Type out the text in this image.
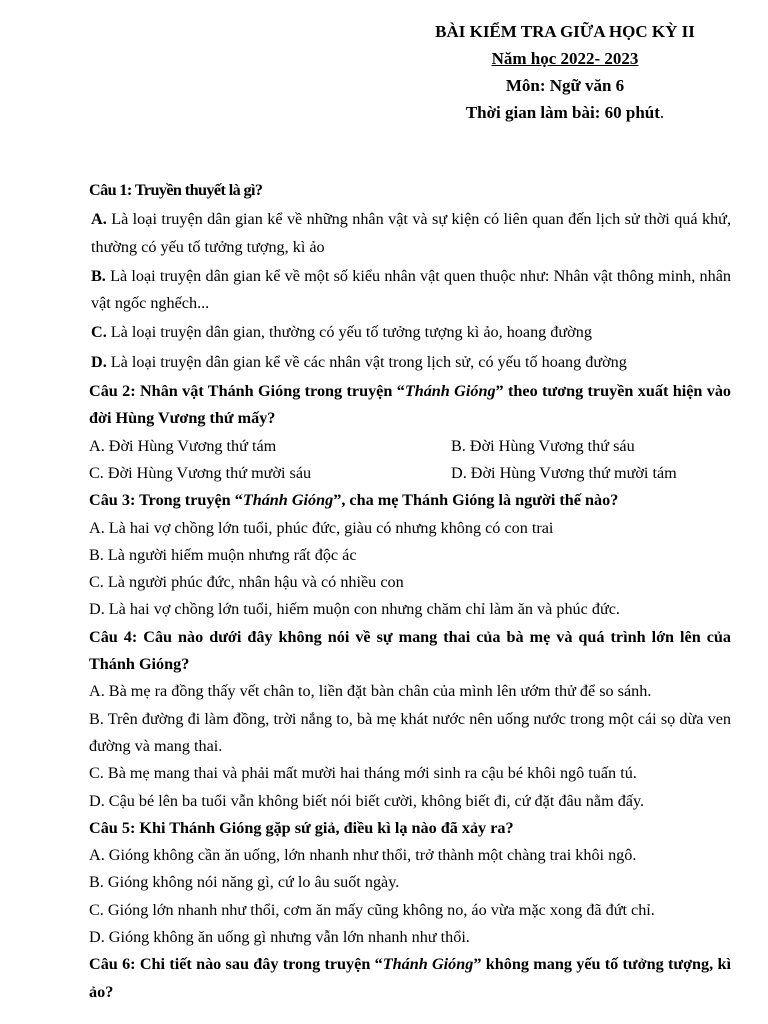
BÀI KIỂM TRA GIỮA HỌC KỲ II
Năm học 2022- 2023
Môn: Ngữ văn 6
Thời gian làm bài: 60 phút.
Câu 1: Truyền thuyết là gì?
A. Là loại truyện dân gian kể về những nhân vật và sự kiện có liên quan đến lịch sử thời quá khứ, thường có yếu tố tưởng tượng, kì ảo
B. Là loại truyện dân gian kể về một số kiểu nhân vật quen thuộc như: Nhân vật thông minh, nhân vật ngốc nghếch...
C. Là loại truyện dân gian, thường có yếu tố tưởng tượng kì ảo, hoang đường
D. Là loại truyện dân gian kể về các nhân vật trong lịch sử, có yếu tố hoang đường
Câu 2: Nhân vật Thánh Gióng trong truyện “Thánh Gióng” theo tương truyền xuất hiện vào đời Hùng Vương thứ mấy?
A. Đời Hùng Vương thứ tám	B. Đời Hùng Vương thứ sáu
C. Đời Hùng Vương thứ mười sáu	D. Đời Hùng Vương thứ mười tám
Câu 3: Trong truyện “Thánh Gióng”, cha mẹ Thánh Gióng là người thế nào?
A. Là hai vợ chồng lớn tuổi, phúc đức, giàu có nhưng không có con trai
B. Là người hiếm muộn nhưng rất độc ác
C. Là người phúc đức, nhân hậu và có nhiều con
D. Là hai vợ chồng lớn tuổi, hiếm muộn con nhưng chăm chỉ làm ăn và phúc đức.
Câu 4: Câu nào dưới đây không nói về sự mang thai của bà mẹ và quá trình lớn lên của Thánh Gióng?
A. Bà mẹ ra đồng thấy vết chân to, liền đặt bàn chân của mình lên ướm thử để so sánh.
B. Trên đường đi làm đồng, trời nắng to, bà mẹ khát nước nên uống nước trong một cái sọ dừa ven đường và mang thai.
C. Bà mẹ mang thai và phải mất mười hai tháng mới sinh ra cậu bé khôi ngô tuấn tú.
D. Cậu bé lên ba tuổi vẫn không biết nói biết cười, không biết đi, cứ đặt đâu nằm đấy.
Câu 5: Khi Thánh Gióng gặp sứ giả, điều kì lạ nào đã xảy ra?
A. Gióng không cần ăn uống, lớn nhanh như thổi, trở thành một chàng trai khôi ngô.
B. Gióng không nói năng gì, cứ lo âu suốt ngày.
C. Gióng lớn nhanh như thổi, cơm ăn mấy cũng không no, áo vừa mặc xong đã đứt chỉ.
D. Gióng không ăn uống gì nhưng vẫn lớn nhanh như thổi.
Câu 6: Chi tiết nào sau đây trong truyện “Thánh Gióng” không mang yếu tố tưởng tượng, kì ảo?
